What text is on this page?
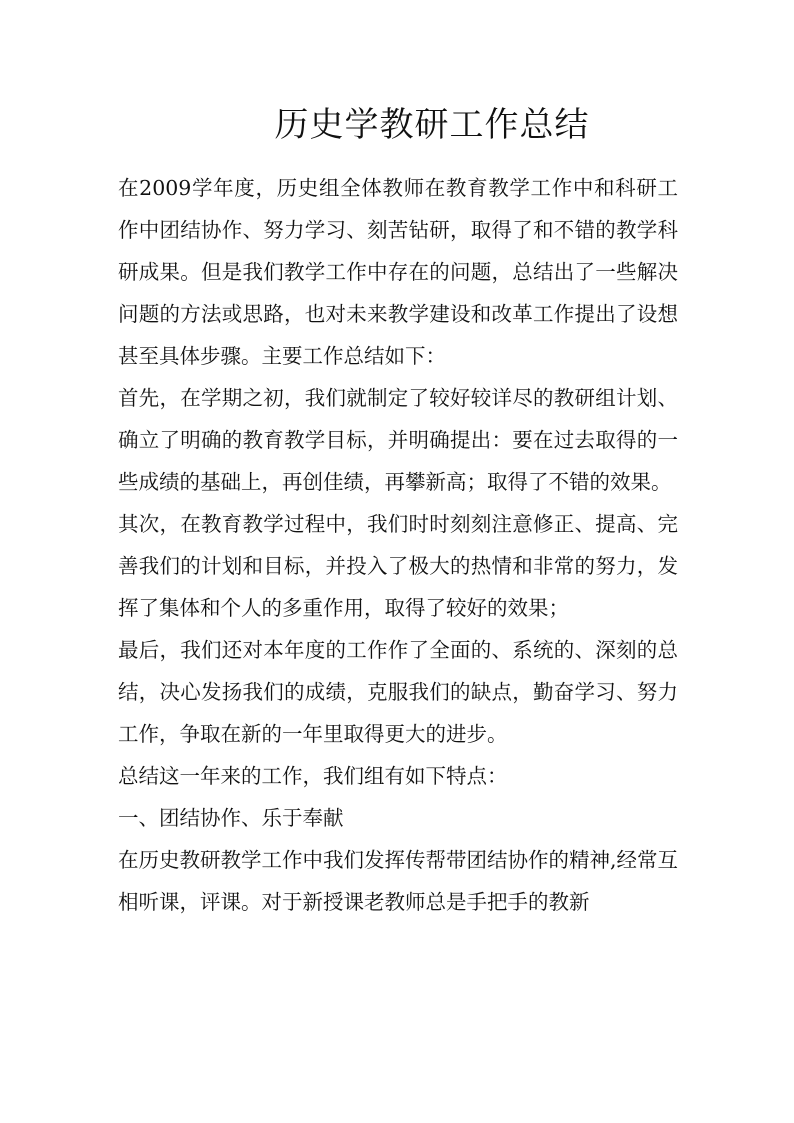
历史学教研工作总结

在2009学年度，历史组全体教师在教育教学工作中和科研工作中团结协作、努力学习、刻苦钻研，取得了和不错的教学科研成果。但是我们教学工作中存在的问题，总结出了一些解决问题的方法或思路，也对未来教学建设和改革工作提出了设想甚至具体步骤。主要工作总结如下：

首先，在学期之初，我们就制定了较好较详尽的教研组计划、确立了明确的教育教学目标，并明确提出：要在过去取得的一些成绩的基础上，再创佳绩，再攀新高；取得了不错的效果。

其次，在教育教学过程中，我们时时刻刻注意修正、提高、完善我们的计划和目标，并投入了极大的热情和非常的努力，发挥了集体和个人的多重作用，取得了较好的效果；

最后，我们还对本年度的工作作了全面的、系统的、深刻的总结，决心发扬我们的成绩，克服我们的缺点，勤奋学习、努力工作，争取在新的一年里取得更大的进步。

总结这一年来的工作，我们组有如下特点：

一、团结协作、乐于奉献

在历史教研教学工作中我们发挥传帮带团结协作的精神,经常互相听课，评课。对于新授课老教师总是手把手的教新
